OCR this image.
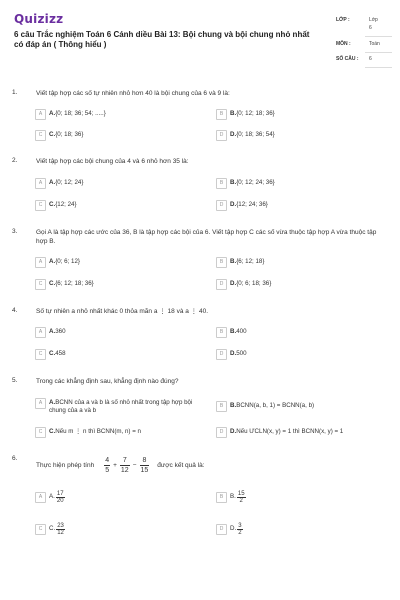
Quizizz
6 câu Trắc nghiệm Toán 6 Cánh diều Bài 13: Bội chung và bội chung nhỏ nhất có đáp án ( Thông hiểu )
LỚP :	Lớp
6
MÔN :	Toán
SỐ CÂU : 6
1.	Viết tập hợp các số tự nhiên nhỏ hơn 40 là bội chung của 6 và 9 là:
A	A.{0; 18; 36; 54; .....}	B	B.{0; 12; 18; 36}
C	C.{0; 18; 36}	D	D.{0; 18; 36; 54}
2.	Viết tập hợp các bội chung của 4 và 6 nhỏ hơn 35 là:
A	A.{0; 12; 24}	B	B.{0; 12; 24; 36}
C	C.{12; 24}	D	D.{12; 24; 36}
3.	Gọi A là tập hợp các ước của 36, B là tập hợp các bội của 6. Viết tập hợp C các số vừa thuộc tập hợp A vừa thuộc tập hợp B.
A	A.{0; 6; 12}	B	B.{6; 12; 18}
C	C.{6; 12; 18; 36}	D	D.{0; 6; 18; 36}
4.	Số tự nhiên a nhỏ nhất khác 0 thỏa mãn a ⋮ 18 và a ⋮ 40.
A	A.360	B	B.400
C	C.458	D	D.500
5.	Trong các khẳng định sau, khẳng định nào đúng?
A	A.BCNN của a và b là số nhỏ nhất trong tập hợp bội chung của a và b
B	B.BCNN(a, b, 1) = BCNN(a, b)
C	C.Nếu m ⋮ n thì BCNN(m, n) = n	D	D.Nếu ƯCLN(x, y) = 1 thì BCNN(x, y) = 1
6.
Thực hiện phép tính $\frac{4}{5} + \frac{7}{12} - \frac{8}{15}$ được kết quả là:
A	A. $\frac{17}{20}$	B	B. $\frac{15}{2}$
C	C. $\frac{23}{12}$	D	D. $\frac{3}{2}$
